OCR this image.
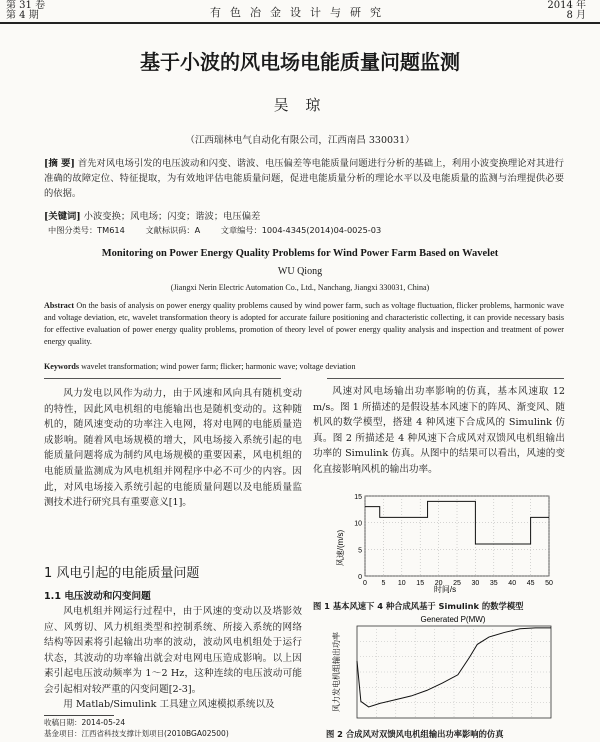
第 31 卷
第 4 期	有色冶金设计与研究
2014 年
8 月
基于小波的风电场电能质量问题监测
吴 琼
（江西瑞林电气自动化有限公司，江西南昌 330031）
[摘 要] 首先对风电场引发的电压波动和闪变、谐波、电压偏差等电能质量问题进行分析的基础上，利用小波变换理论对其进行准确的故障定位、特征提取，为有效地评估电能质量问题，促进电能质量分析的理论水平以及电能质量的监测与治理提供必要的依据。
[关键词] 小波变换；风电场；闪变；谐波；电压偏差
中图分类号：TM614	文献标识码：A	文章编号：1004-4345(2014)04-0025-03
Monitoring on Power Energy Quality Problems for Wind Power Farm Based on Wavelet
WU Qiong
(Jiangxi Nerin Electric Automation Co., Ltd., Nanchang, Jiangxi 330031, China)
Abstract On the basis of analysis on power energy quality problems caused by wind power farm, such as voltage fluctuation, flicker problems, harmonic wave and voltage deviation, etc, wavelet transformation theory is adopted for accurate failure positioning and characteristic collecting, it can provide necessary basis for effective evaluation of power energy quality problems, promotion of theory level of power energy quality analysis and inspection and treatment of power energy quality.
Keywords wavelet transformation; wind power farm; flicker; harmonic wave; voltage deviation
风力发电以风作为动力，由于风速和风向具有随机变动的特性，因此风电机组的电能输出也是随机变动的。这种随机的，随风速变动的功率注入电网，将对电网的电能质量造成影响。随着风电场规模的增大，风电场接入系统引起的电能质量问题将成为制约风电场规模的重要因素，风电机组的电能质量监测成为风电机组并网程序中必不可少的内容。因此，对风电场接入系统引起的电能质量问题以及电能质量监测技术进行研究具有重要意义[1]。
1 风电引起的电能质量问题
1.1 电压波动和闪变问题
风电机组并网运行过程中，由于风速的变动以及塔影效应、风剪切、风力机组类型和控制系统、所接入系统的网络结构等因素将引起输出功率的波动，波动风电机组处于运行状态，其波动的功率输出就会对电网电压造成影响。以上因素引起电压波动频率为 1～2 Hz，这种连续的电压波动可能会引起相对较严重的闪变问题[2-3]。
用 Matlab/Simulink 工具建立风速模拟系统以及
收稿日期：2014-05-24
基金项目：江西省科技支撑计划项目(2010BGA02500)
风速对风电场输出功率影响的仿真，基本风速取 12 m/s。图 1 所描述的是假设基本风速下的阵风、渐变风、随机风的数学模型，搭建 4 种风速下合成风的 Simulink 仿真。图 2 所描述是 4 种风速下合成风对双馈风电机组输出功率的 Simulink 仿真。从图中的结果可以看出，风速的变化直接影响风机的输出功率。
风速/(m/s)
0
5
10
15
0 5 10 15 20 25 30 35 40 45 50
时间/s
图 1 基本风速下 4 种合成风基于 Simulink 的数学模型
风力发电机组输出功率
Generated P(MW)
图 2 合成风对双馈风电机组输出功率影响的仿真
